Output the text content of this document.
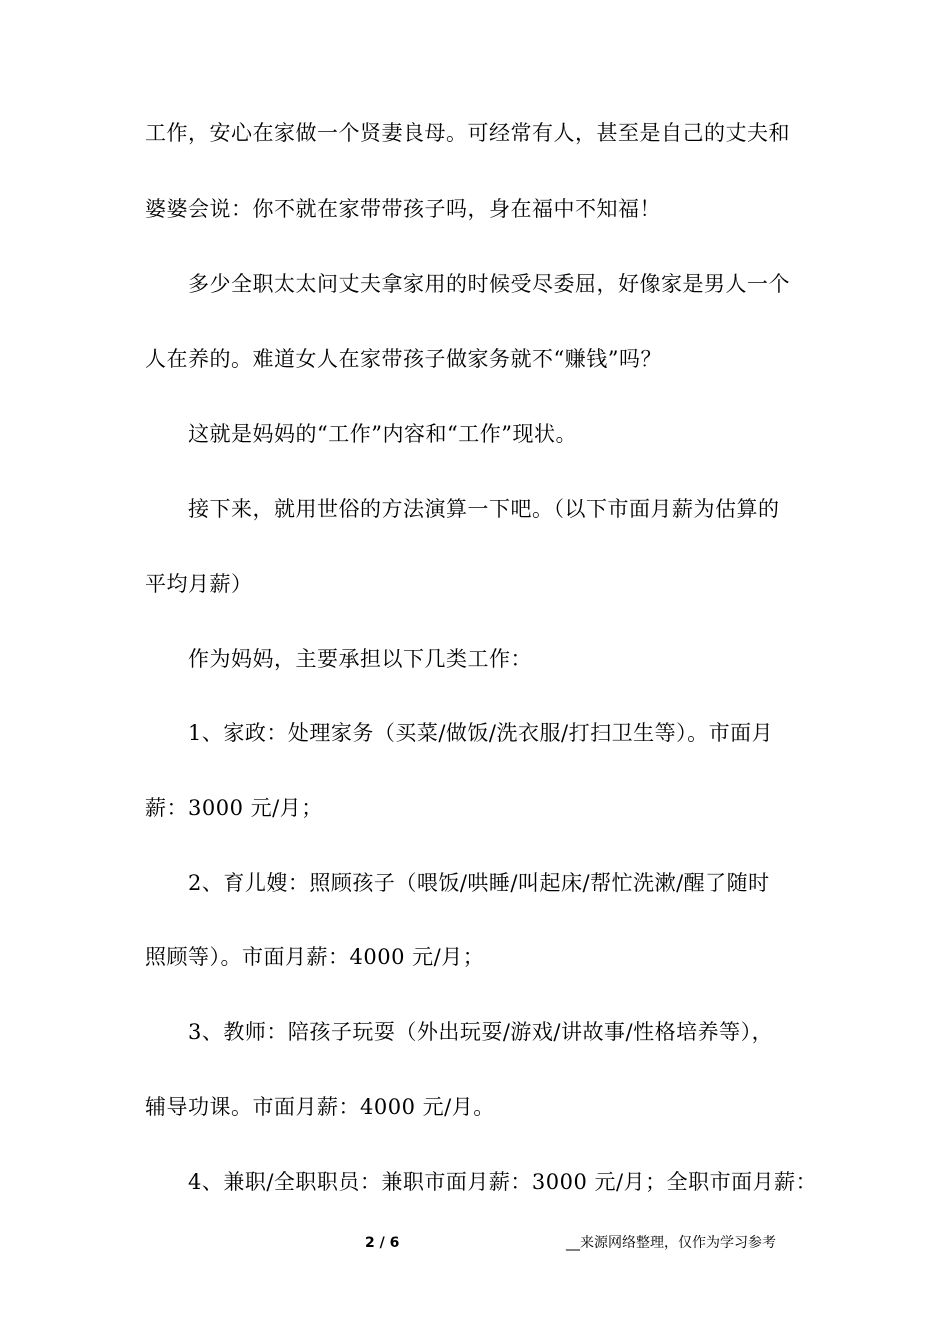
工作，安心在家做一个贤妻良母。可经常有人，甚至是自己的丈夫和
婆婆会说：你不就在家带带孩子吗，身在福中不知福！
多少全职太太问丈夫拿家用的时候受尽委屈，好像家是男人一个
人在养的。难道女人在家带孩子做家务就不“赚钱”吗？
这就是妈妈的“工作”内容和“工作”现状。
接下来，就用世俗的方法演算一下吧。（以下市面月薪为估算的
平均月薪）
作为妈妈，主要承担以下几类工作：
1、家政：处理家务（买菜/做饭/洗衣服/打扫卫生等）。市面月
薪：3000 元/月；
2、育儿嫂：照顾孩子（喂饭/哄睡/叫起床/帮忙洗漱/醒了随时
照顾等）。市面月薪：4000 元/月；
3、教师：陪孩子玩耍（外出玩耍/游戏/讲故事/性格培养等），
辅导功课。市面月薪：4000 元/月。
4、兼职/全职职员：兼职市面月薪：3000 元/月；全职市面月薪：
2 / 6	__来源网络整理，仅作为学习参考
